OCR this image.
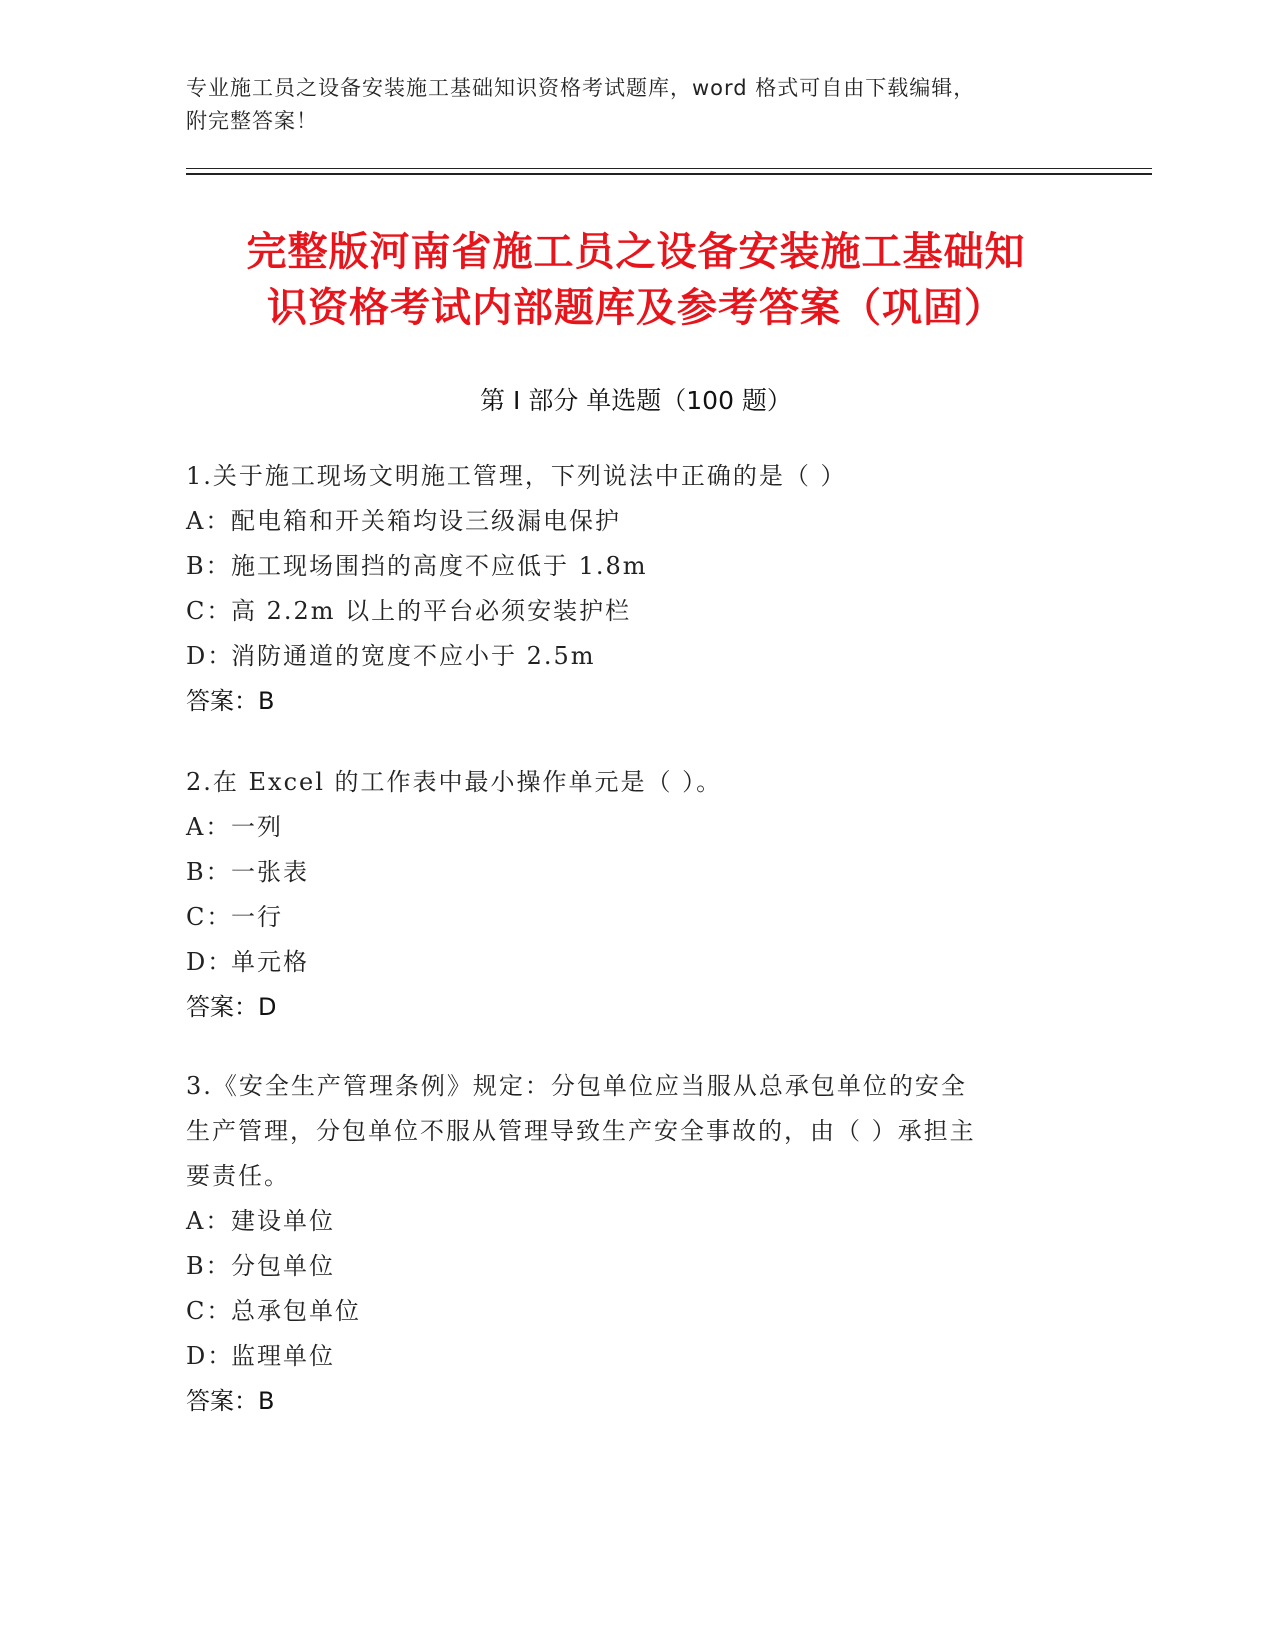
专业施工员之设备安装施工基础知识资格考试题库，word 格式可自由下载编辑，
附完整答案！
完整版河南省施工员之设备安装施工基础知
识资格考试内部题库及参考答案（巩固）
第 I 部分 单选题（100 题）

1.关于施工现场文明施工管理，下列说法中正确的是（ ）

A：配电箱和开关箱均设三级漏电保护

B：施工现场围挡的高度不应低于 1.8m

C：高 2.2m 以上的平台必须安装护栏

D：消防通道的宽度不应小于 2.5m

答案：B

2.在 Excel 的工作表中最小操作单元是（ ）。

A：一列

B：一张表

C：一行

D：单元格

答案：D

3.《安全生产管理条例》规定：分包单位应当服从总承包单位的安全

生产管理，分包单位不服从管理导致生产安全事故的，由（ ）承担主

要责任。

A：建设单位

B：分包单位

C：总承包单位

D：监理单位

答案：B
